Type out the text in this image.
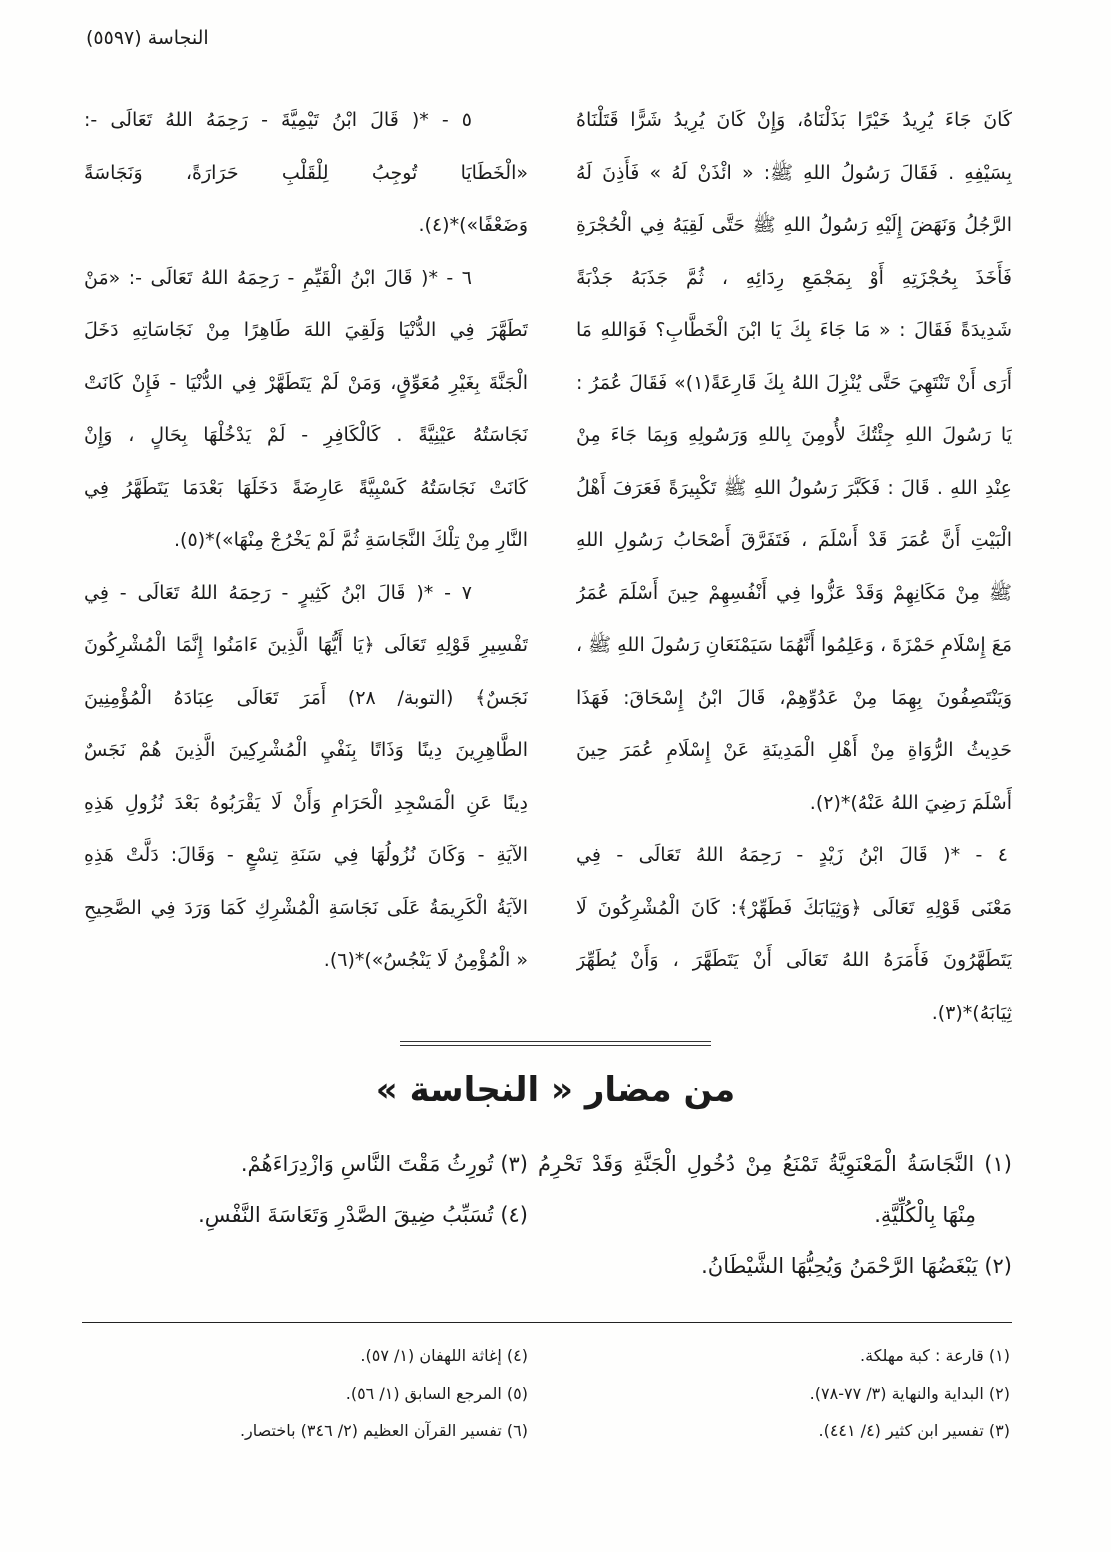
النجاسة (٥٥٩٧)
كَانَ جَاءَ يُرِيدُ خَيْرًا بَذَلْنَاهُ، وَإِنْ كَانَ يُرِيدُ شَرًّا قَتَلْنَاهُ
بِسَيْفِهِ . فَقَالَ رَسُولُ اللهِ ﷺ: « ائْذَنْ لَهُ » فَأَذِنَ لَهُ
الرَّجُلُ وَنَهَضَ إِلَيْهِ رَسُولُ اللهِ ﷺ حَتَّى لَقِيَهُ فِي الْحُجْرَةِ
فَأَخَذَ بِحُجْزَتِهِ أَوْ بِمَجْمَعِ رِدَائِهِ ، ثُمَّ جَذَبَهُ جَذْبَةً
شَدِيدَةً فَقَالَ : « مَا جَاءَ بِكَ يَا ابْنَ الْخَطَّابِ؟ فَوَاللهِ مَا
أَرَى أَنْ تَنْتَهِيَ حَتَّى يُنْزِلَ اللهُ بِكَ قَارِعَةً(١)» فَقَالَ عُمَرُ :
يَا رَسُولَ اللهِ جِئْتُكَ لأُومِنَ بِاللهِ وَرَسُولِهِ وَبِمَا جَاءَ مِنْ
عِنْدِ اللهِ . قَالَ : فَكَبَّرَ رَسُولُ اللهِ ﷺ تَكْبِيرَةً فَعَرَفَ أَهْلُ
الْبَيْتِ أَنَّ عُمَرَ قَدْ أَسْلَمَ ، فَتَفَرَّقَ أَصْحَابُ رَسُولِ اللهِ
ﷺ مِنْ مَكَانِهِمْ وَقَدْ عَزُّوا فِي أَنْفُسِهِمْ حِينَ أَسْلَمَ عُمَرُ
مَعَ إِسْلَامِ حَمْزَةَ ، وَعَلِمُوا أَنَّهُمَا سَيَمْنَعَانِ رَسُولَ اللهِ ﷺ ،
وَيَنْتَصِفُونَ بِهِمَا مِنْ عَدُوِّهِمْ، قَالَ ابْنُ إِسْحَاقَ: فَهَذَا
حَدِيثُ الرُّوَاةِ مِنْ أَهْلِ الْمَدِينَةِ عَنْ إِسْلَامِ عُمَرَ حِينَ
أَسْلَمَ رَضِيَ اللهُ عَنْهُ)*(٢).
٤ - *( قَالَ ابْنُ زَيْدٍ - رَحِمَهُ اللهُ تَعَالَى - فِي
مَعْنَى قَوْلِهِ تَعَالَى ﴿وَثِيَابَكَ فَطَهِّرْ﴾: كَانَ الْمُشْرِكُونَ لَا
يَتَطَهَّرُونَ فَأَمَرَهُ اللهُ تَعَالَى أَنْ يَتَطَهَّرَ ، وَأَنْ يُطَهِّرَ
ثِيَابَهُ)*(٣).
٥ - *( قَالَ ابْنُ تَيْمِيَّةَ - رَحِمَهُ اللهُ تَعَالَى -:
«الْخَطَايَا تُوجِبُ لِلْقَلْبِ حَرَارَةً، وَنَجَاسَةً
وَضَعْفًا»)*(٤).
٦ - *( قَالَ ابْنُ الْقَيِّمِ - رَحِمَهُ اللهُ تَعَالَى -: «مَنْ
تَطَهَّرَ فِي الدُّنْيَا وَلَقِيَ اللهَ طَاهِرًا مِنْ نَجَاسَاتِهِ دَخَلَ
الْجَنَّةَ بِغَيْرِ مُعَوِّقٍ، وَمَنْ لَمْ يَتَطَهَّرْ فِي الدُّنْيَا - فَإِنْ كَانَتْ
نَجَاسَتُهُ عَيْنِيَّةً . كَالْكَافِرِ - لَمْ يَدْخُلْهَا بِحَالٍ ، وَإِنْ
كَانَتْ نَجَاسَتُهُ كَسْبِيَّةً عَارِضَةً دَخَلَهَا بَعْدَمَا يَتَطَهَّرُ فِي
النَّارِ مِنْ تِلْكَ النَّجَاسَةِ ثُمَّ لَمْ يَخْرُجْ مِنْهَا»)*(٥).
٧ - *( قَالَ ابْنُ كَثِيرٍ - رَحِمَهُ اللهُ تَعَالَى - فِي
تَفْسِيرِ قَوْلِهِ تَعَالَى ﴿يَا أَيُّهَا الَّذِينَ ءَامَنُوا إِنَّمَا الْمُشْرِكُونَ
نَجَسٌ﴾ (التوبة/ ٢٨) أَمَرَ تَعَالَى عِبَادَهُ الْمُؤْمِنِينَ
الطَّاهِرِينَ دِينًا وَذَاتًا بِنَفْيِ الْمُشْرِكِينَ الَّذِينَ هُمْ نَجَسٌ
دِينًا عَنِ الْمَسْجِدِ الْحَرَامِ وَأَنْ لَا يَقْرَبُوهُ بَعْدَ نُزُولِ هَذِهِ
الآيَةِ - وَكَانَ نُزُولُهَا فِي سَنَةِ تِسْعٍ - وَقَالَ: دَلَّتْ هَذِهِ
الآيَةُ الْكَرِيمَةُ عَلَى نَجَاسَةِ الْمُشْرِكِ كَمَا وَرَدَ فِي الصَّحِيحِ
« الْمُؤْمِنُ لَا يَنْجُسُ»)*(٦).
من مضار « النجاسة »
(١) النَّجَاسَةُ الْمَعْنَوِيَّةُ تَمْنَعُ مِنْ دُخُولِ الْجَنَّةِ وَقَدْ تَحْرِمُ
مِنْهَا بِالْكُلِّيَّةِ.
(٢) يَبْغَضُهَا الرَّحْمَنُ وَيُحِبُّهَا الشَّيْطَانُ.
(٣) تُورِثُ مَقْتَ النَّاسِ وَازْدِرَاءَهُمْ.
(٤) تُسَبِّبُ ضِيقَ الصَّدْرِ وَتَعَاسَةَ النَّفْسِ.
(١) قارعة : كبة مهلكة.
(٢) البداية والنهاية (٣/ ٧٧-٧٨).
(٣) تفسير ابن كثير (٤/ ٤٤١).
(٤) إغاثة اللهفان (١/ ٥٧).
(٥) المرجع السابق (١/ ٥٦).
(٦) تفسير القرآن العظيم (٢/ ٣٤٦) باختصار.
